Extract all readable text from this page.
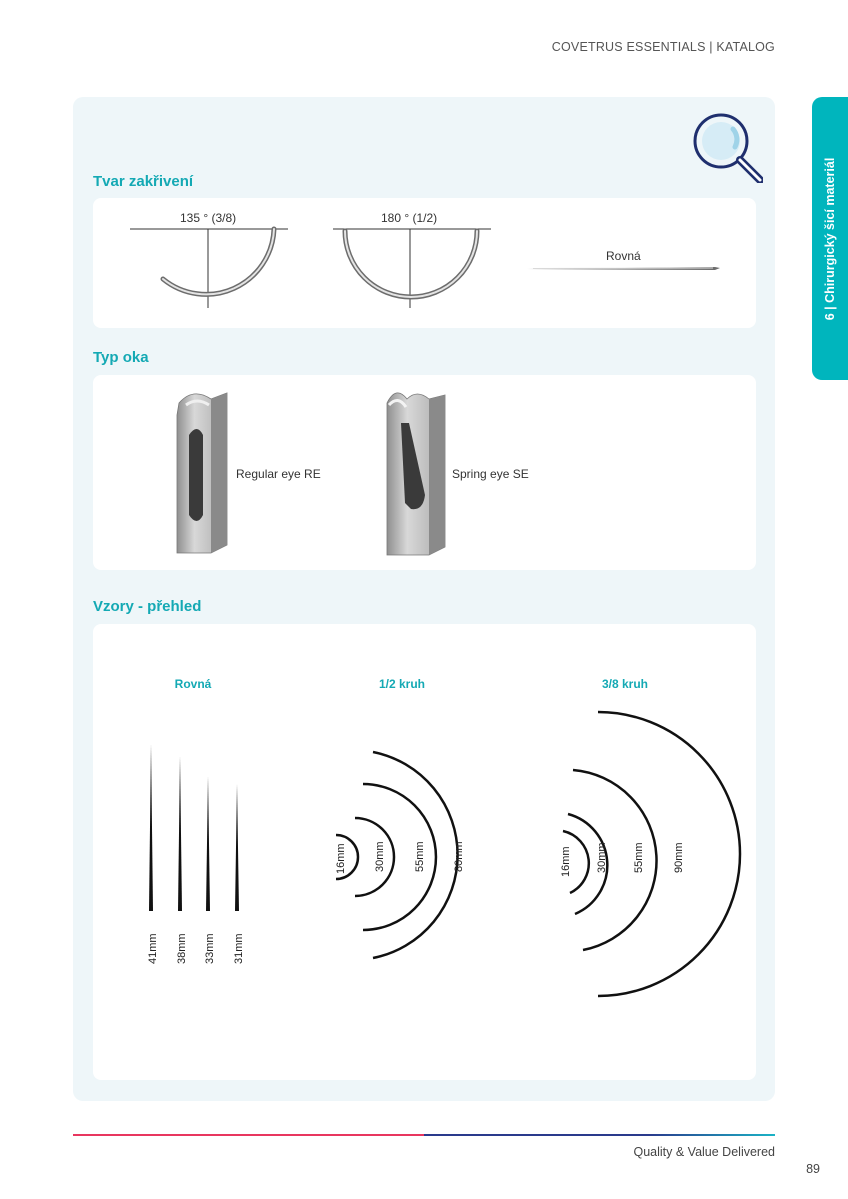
COVETRUS ESSENTIALS | KATALOG
6 | Chirurgický šicí materiál
Tvar zakřivení
135 ° (3/8)	180 ° (1/2)
Rovná
Typ oka
Regular eye RE	Spring eye SE
Vzory - přehled
Rovná	1/2 kruh	3/8 kruh
41mm 38mm 33mm 31mm
16mm 30mm	55mm 80mm	16mm 30mm 55mm	90mm
Quality & Value Delivered
89
